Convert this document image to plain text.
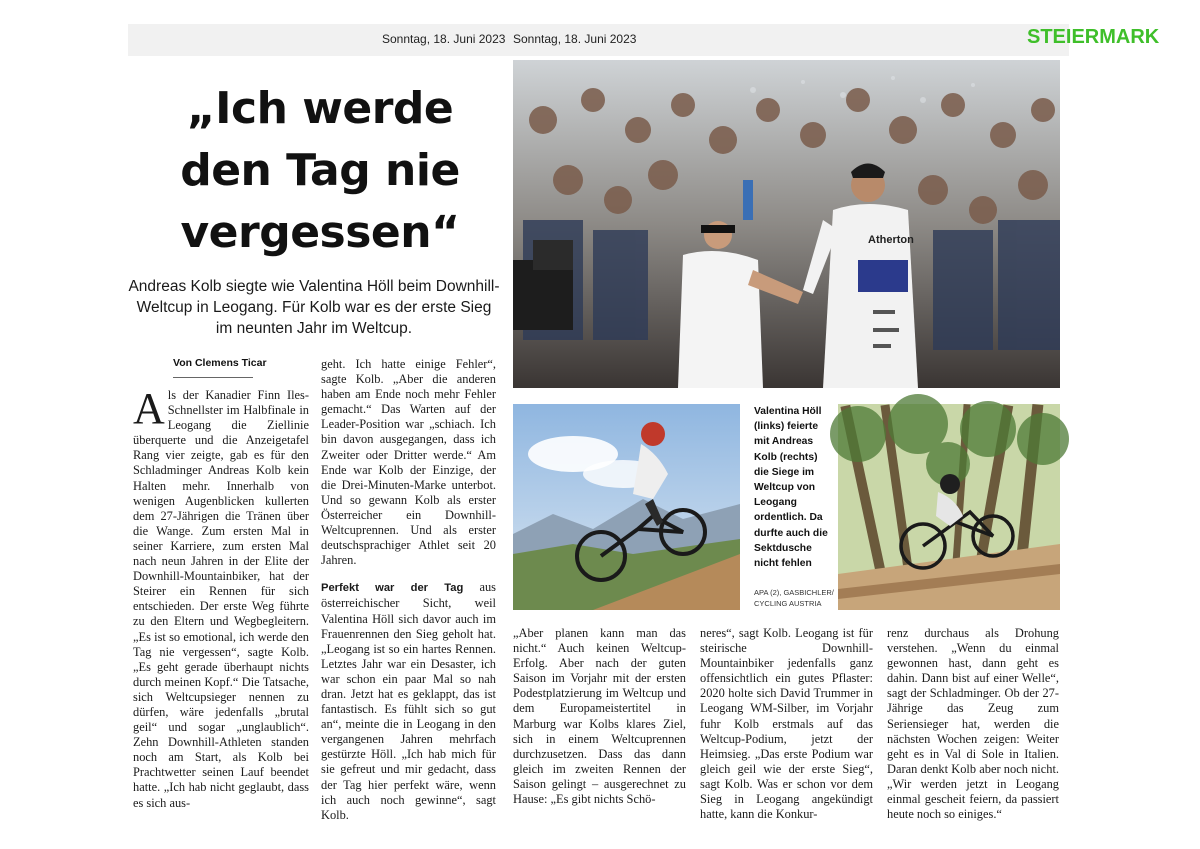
Sonntag, 18. Juni 2023 Sonntag, 18. Juni 2023	STEIERMARK
„Ich werde
den Tag nie
vergessen“
Andreas Kolb siegte wie Valentina Höll beim Downhill-Weltcup in Leogang. Für Kolb war es der erste Sieg im neunten Jahr im Weltcup.
Von Clemens Ticar

Als der Kanadier Finn Iles-Schnellster im Halbfinale in Leogang die Ziellinie überquerte und die Anzeigetafel Rang vier zeigte, gab es für den Schladminger Andreas Kolb kein Halten mehr. Innerhalb von wenigen Augenblicken kullerten dem 27-Jährigen die Tränen über die Wange. Zum ersten Mal in seiner Karriere, zum ersten Mal nach neun Jahren in der Elite der Downhill-Mountainbiker, hat der Steirer ein Rennen für sich entschieden. Der erste Weg führte zu den Eltern und Wegbegleitern. „Es ist so emotional, ich werde den Tag nie vergessen“, sagte Kolb. „Es geht gerade überhaupt nichts durch meinen Kopf.“ Die Tatsache, sich Weltcupsieger nennen zu dürfen, wäre jedenfalls „brutal geil“ und sogar „unglaublich“. Zehn Downhill-Athleten standen noch am Start, als Kolb bei Prachtwetter seinen Lauf beendet hatte. „Ich hab nicht geglaubt, dass es sich aus-

geht. Ich hatte einige Fehler“, sagte Kolb. „Aber die anderen haben am Ende noch mehr Fehler gemacht.“ Das Warten auf der Leader-Position war „schiach. Ich bin davon ausgegangen, dass ich Zweiter oder Dritter werde.“ Am Ende war Kolb der Einzige, der die Drei-Minuten-Marke unterbot. Und so gewann Kolb als erster Österreicher ein Downhill-Weltcuprennen. Und als erster deutschsprachiger Athlet seit 20 Jahren.

Perfekt war der Tag aus österreichischer Sicht, weil Valentina Höll sich davor auch im Frauenrennen den Sieg geholt hat. „Leogang ist so ein hartes Rennen. Letztes Jahr war ein Desaster, ich war schon ein paar Mal so nah dran. Jetzt hat es geklappt, das ist fantastisch. Es fühlt sich so gut an“, meinte die in Leogang in den vergangenen Jahren mehrfach gestürzte Höll. „Ich hab mich für sie gefreut und mir gedacht, dass der Tag hier perfekt wäre, wenn ich auch noch gewinne“, sagt Kolb.

„Aber planen kann man das nicht.“ Auch keinen Weltcup-Erfolg. Aber nach der guten Saison im Vorjahr mit der ersten Podestplatzierung im Weltcup und dem Europameistertitel in Marburg war Kolbs klares Ziel, sich in einem Weltcuprennen durchzusetzen. Dass das dann gleich im zweiten Rennen der Saison gelingt – ausgerechnet zu Hause: „Es gibt nichts Schö-

neres“, sagt Kolb. Leogang ist für steirische Downhill-Mountainbiker jedenfalls ganz offensichtlich ein gutes Pflaster: 2020 holte sich David Trummer in Leogang WM-Silber, im Vorjahr fuhr Kolb erstmals auf das Weltcup-Podium, jetzt der Heimsieg. „Das erste Podium war gleich geil wie der erste Sieg“, sagt Kolb. Was er schon vor dem Sieg in Leogang angekündigt hatte, kann die Konkur-

renz durchaus als Drohung verstehen. „Wenn du einmal gewonnen hast, dann geht es dahin. Dann bist auf einer Welle“, sagt der Schladminger. Ob der 27-Jährige das Zeug zum Seriensieger hat, werden die nächsten Wochen zeigen: Weiter geht es in Val di Sole in Italien. Daran denkt Kolb aber noch nicht. „Wir werden jetzt in Leogang einmal gescheit feiern, da passiert heute noch so einiges.“

Atherton
Valentina Höll (links) feierte mit Andreas Kolb (rechts) die Siege im Weltcup von Leogang ordentlich. Da durfte auch die Sektdusche nicht fehlen
APA (2), GASBICHLER/ CYCLING AUSTRIA
